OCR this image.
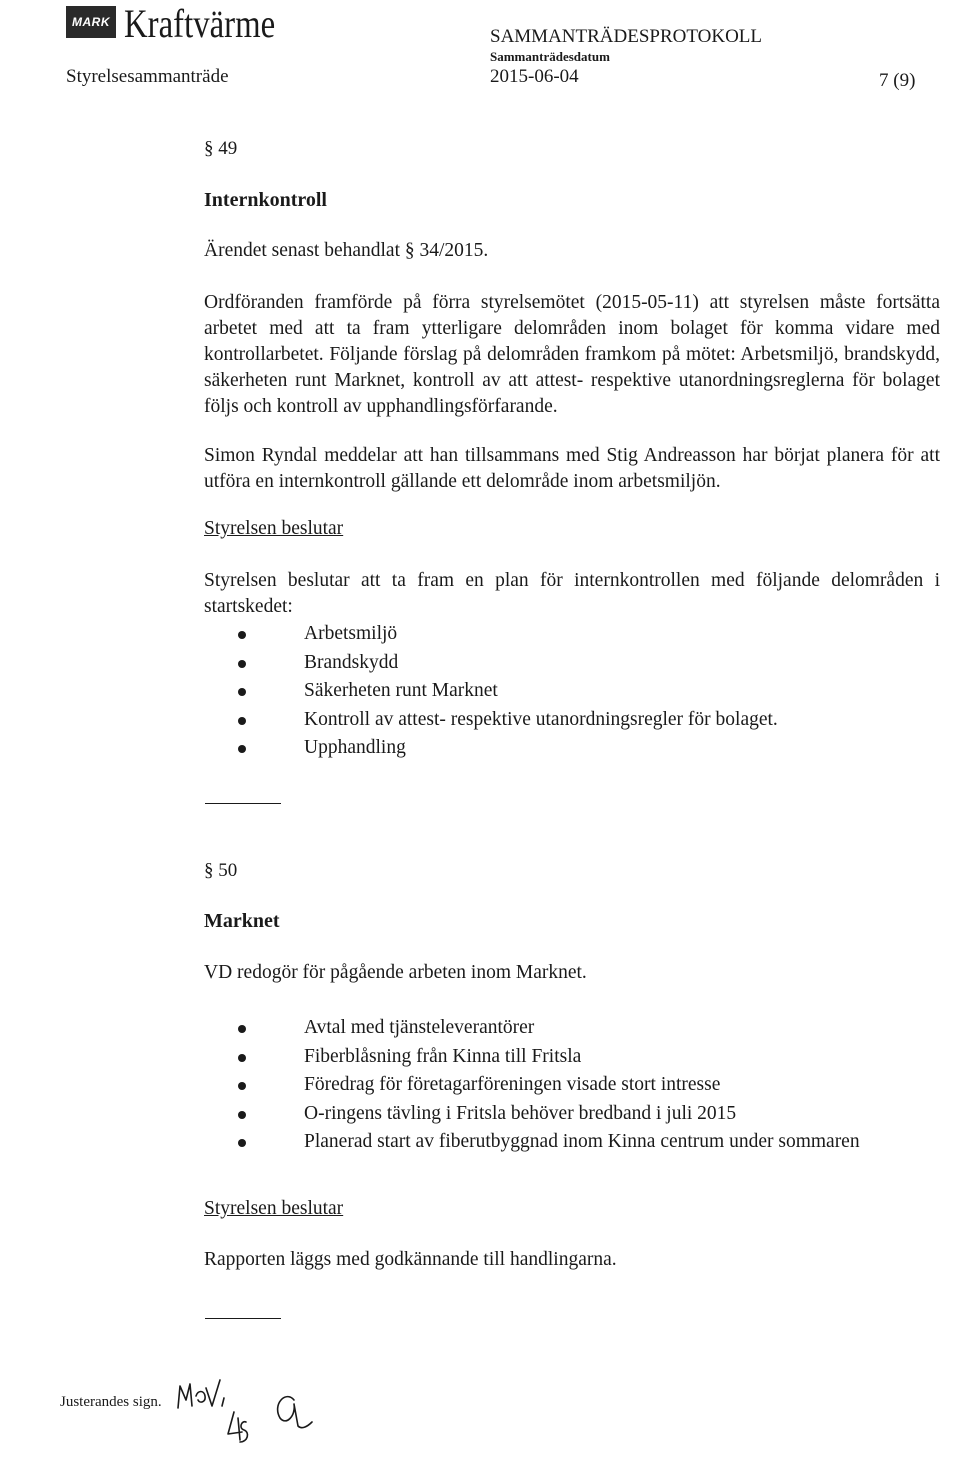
MARK Kraftvärme	SAMMANTRÄDESPROTOKOLL
Sammanträdesdatum
Styrelsesammanträde	2015-06-04	7 (9)
§ 49
Internkontroll
Ärendet senast behandlat § 34/2015.
Ordföranden framförde på förra styrelsemötet (2015-05-11) att styrelsen måste fortsätta arbetet med att ta fram ytterligare delområden inom bolaget för komma vidare med kontrollarbetet. Följande förslag på delområden framkom på mötet: Arbetsmiljö, brandskydd, säkerheten runt Marknet, kontroll av att attest- respektive utanordningsreglerna för bolaget följs och kontroll av upphandlingsförfarande.
Simon Ryndal meddelar att han tillsammans med Stig Andreasson har börjat planera för att utföra en internkontroll gällande ett delområde inom arbetsmiljön.
Styrelsen beslutar
Styrelsen beslutar att ta fram en plan för internkontrollen med följande delområden i startskedet:
Arbetsmiljö
Brandskydd
Säkerheten runt Marknet
Kontroll av attest- respektive utanordningsregler för bolaget.
Upphandling
§ 50
Marknet
VD redogör för pågående arbeten inom Marknet.
Avtal med tjänsteleverantörer
Fiberblåsning från Kinna till Fritsla
Föredrag för företagarföreningen visade stort intresse
O-ringens tävling i Fritsla behöver bredband i juli 2015
Planerad start av fiberutbyggnad inom Kinna centrum under sommaren
Styrelsen beslutar
Rapporten läggs med godkännande till handlingarna.
Justerandes sign.
